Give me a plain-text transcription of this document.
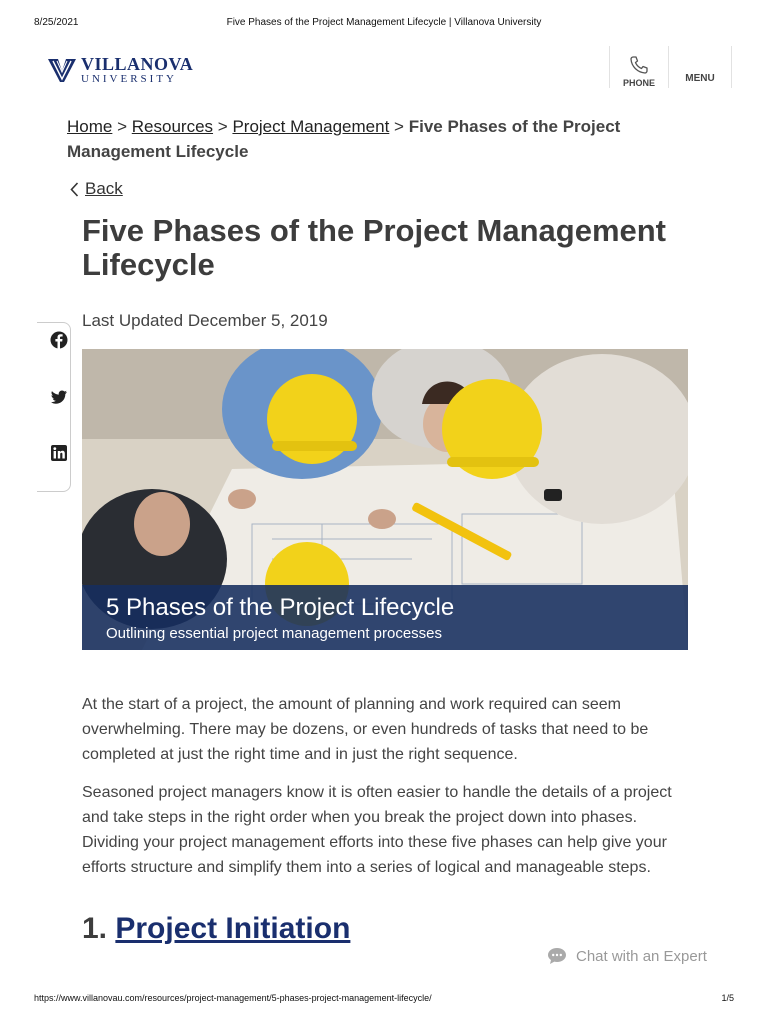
8/25/2021	Five Phases of the Project Management Lifecycle | Villanova University
VILLANOVA
UNIVERSITY	PHONE	MENU
Home > Resources > Project Management > Five Phases of the Project Management Lifecycle
Back
Five Phases of the Project Management Lifecycle
Last Updated December 5, 2019
5 Phases of the Project Lifecycle
Outlining essential project management processes

At the start of a project, the amount of planning and work required can seem overwhelming. There may be dozens, or even hundreds of tasks that need to be completed at just the right time and in just the right sequence.

Seasoned project managers know it is often easier to handle the details of a project and take steps in the right order when you break the project down into phases. Dividing your project management efforts into these five phases can help give your efforts structure and simplify them into a series of logical and manageable steps.

1. Project Initiation
Chat with an Expert
https://www.villanovau.com/resources/project-management/5-phases-project-management-lifecycle/	1/5
